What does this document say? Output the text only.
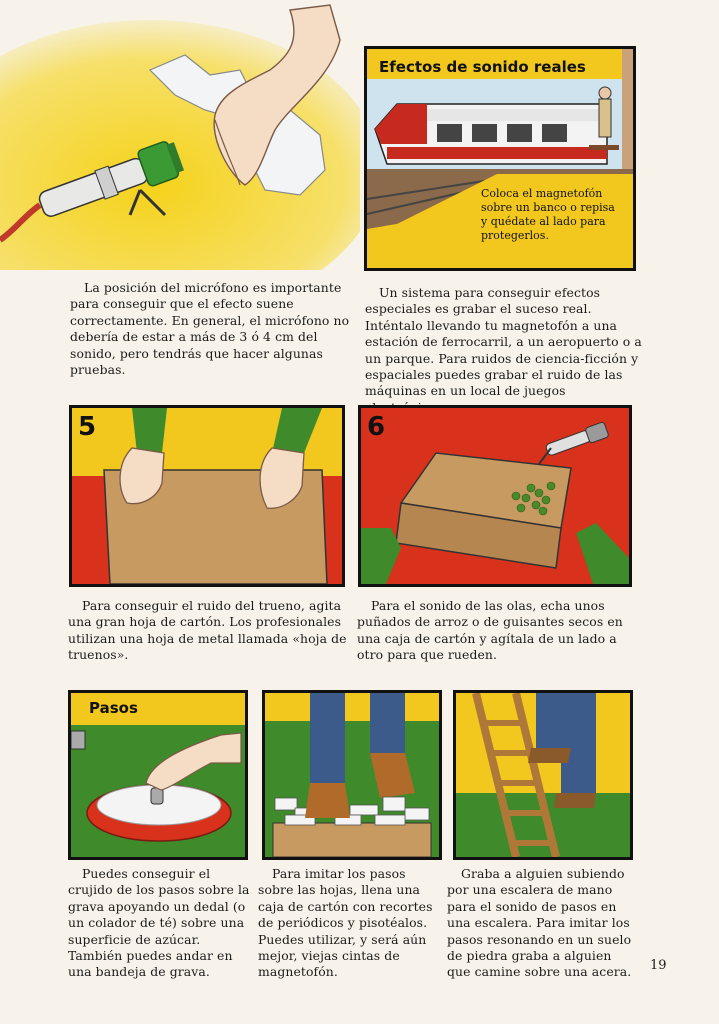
Efectos de sonido reales
Coloca el magnetofón sobre un banco o repisa y quédate al lado para protegerlos.

La posición del micrófono es importante para conseguir que el efecto suene correctamente. En general, el micrófono no debería de estar a más de 3 ó 4 cm del sonido, pero tendrás que hacer algunas pruebas.

Un sistema para conseguir efectos especiales es grabar el suceso real. Inténtalo llevando tu magnetofón a una estación de ferrocarril, a un aeropuerto o a un parque. Para ruidos de ciencia-ficción y espaciales puedes grabar el ruido de las máquinas en un local de juegos

5	6

Para conseguir el ruido del trueno, agita una gran hoja de cartón. Los profesionales utilizan una hoja de metal llamada «hoja de truenos».

Para el sonido de las olas, echa unos puñados de arroz o de guisantes secos en una caja de cartón y agítala de un lado a otro para que rueden.

Pasos

Puedes conseguir el crujido de los pasos sobre la grava apoyando un dedal (o un colador de té) sobre una superficie de azúcar. También puedes andar en una bandeja de grava.

Para imitar los pasos sobre las hojas, llena una caja de cartón con recortes de periódicos y pisotéalos. Puedes utilizar, y será aún mejor, viejas cintas de magnetofón.

Graba a alguien subiendo por una escalera de mano para el sonido de pasos en una escalera. Para imitar los pasos resonando en un suelo de piedra graba a alguien que camine sobre una acera.	19
